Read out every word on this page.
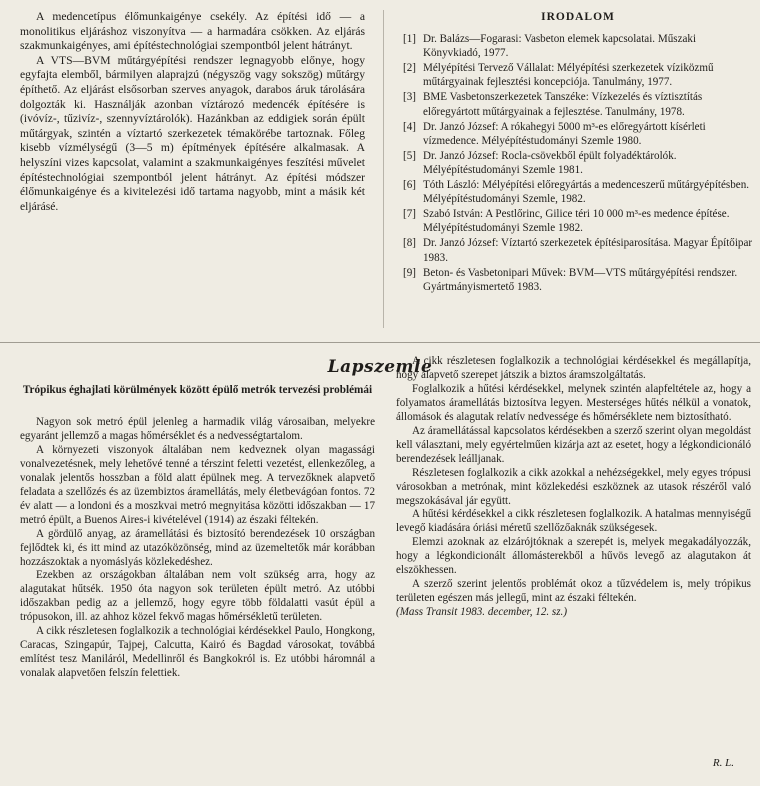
A medencetípus élőmunkaigénye csekély. Az építési idő — a monolitikus eljáráshoz viszonyítva — a harmadára csökken. Az eljárás szakmunkaigényes, ami építéstechnológiai szempontból jelent hátrányt.

A VTS—BVM műtárgyépítési rendszer legnagyobb előnye, hogy egyfajta elemből, bármilyen alaprajzú (négyszög vagy sokszög) műtárgy építhető. Az eljárást elsősorban szerves anyagok, darabos áruk tárolására dolgozták ki. Használják azonban víztározó medencék építésére is (ivóvíz-, tűzivíz-, szennyvíztárolók). Hazánkban az eddigiek során épült műtárgyak, szintén a víztartó szerkezetek témakörébe tartoznak. Főleg kisebb vízmélységű (3—5 m) építmények építésére alkalmasak. A helyszíni vizes kapcsolat, valamint a szakmunkaigényes feszítési művelet építéstechnológiai szempontból jelent hátrányt. Az építési módszer élőmunkaigénye és a kivitelezési idő tartama nagyobb, mint a másik két eljárásé.

IRODALOM
[1] Dr. Balázs—Fogarasi: Vasbeton elemek kapcsolatai. Műszaki Könyvkiadó, 1977.
[2] Mélyépítési Tervező Vállalat: Mélyépítési szerkezetek víziközmű műtárgyainak fejlesztési koncepciója. Tanulmány, 1977.
[3] BME Vasbetonszerkezetek Tanszéke: Vízkezelés és víztisztítás előregyártott műtárgyainak a fejlesztése. Tanulmány, 1978.
[4] Dr. Janzó József: A rókahegyi 5000 m³-es előregyártott kísérleti vízmedence. Mélyépítéstudományi Szemle 1980.
[5] Dr. Janzó József: Rocla-csövekből épült folyadéktárolók. Mélyépítéstudományi Szemle 1981.
[6] Tóth László: Mélyépítési előregyártás a medenceszerű műtárgyépítésben. Mélyépítéstudományi Szemle, 1982.
[7] Szabó István: A Pestlőrinc, Gilice téri 10 000 m³-es medence építése. Mélyépítéstudományi Szemle 1982.
[8] Dr. Janzó József: Víztartó szerkezetek építésiparosítása. Magyar Építőipar 1983.
[9] Beton- és Vasbetonipari Művek: BVM—VTS műtárgyépítési rendszer. Gyártmányismertető 1983.
Lapszemle
Trópikus éghajlati körülmények között épülő metrók tervezési problémái

Nagyon sok metró épül jelenleg a harmadik világ városaiban, melyekre egyaránt jellemző a magas hőmérséklet és a nedvességtartalom.

A környezeti viszonyok általában nem kedveznek olyan magassági vonalvezetésnek, mely lehetővé tenné a térszint feletti vezetést, ellenkezőleg, a vonalak jelentős hosszban a föld alatt épülnek meg. A tervezőknek alapvető feladata a szellőzés és az üzembiztos áramellátás, mely életbevágóan fontos. 72 év alatt — a londoni és a moszkvai metró megnyitása közötti időszakban — 17 metró épült, a Buenos Aires-i kivételével (1914) az északi féltekén.

A gördülő anyag, az áramellátási és biztosító berendezések 10 országban fejlődtek ki, és itt mind az utazóközönség, mind az üzemeltetők már korábban hozzászoktak a nyomáslyás közlekedéshez.

Ezekben az országokban általában nem volt szükség arra, hogy az alagutakat hűtsék. 1950 óta nagyon sok területen épült metró. Az utóbbi időszakban pedig az a jellemző, hogy egyre több földalatti vasút épül a trópusokon, ill. az ahhoz közel fekvő magas hőmérsékletű területen.

A cikk részletesen foglalkozik a technológiai kérdésekkel Paulo, Hongkong, Caracas, Szingapúr, Tajpej, Calcutta, Kairó és Bagdad városokat, továbbá említést tesz Maniláról, Medellinről és Bangkokról is. Ez utóbbi háromnál a vonalak alapvetően felszín felettiek.

A cikk részletesen foglalkozik a technológiai kérdésekkel és megállapítja, hogy alapvető szerepet játszik a biztos áramszolgáltatás.

Foglalkozik a hűtési kérdésekkel, melynek szintén alapfeltétele az, hogy a folyamatos áramellátás biztosítva legyen. Mesterséges hűtés nélkül a vonatok, állomások és alagutak relatív nedvessége és hőmérséklete nem biztosítható.

Az áramellátással kapcsolatos kérdésekben a szerző szerint olyan megoldást kell választani, mely egyértelműen kizárja azt az esetet, hogy a légkondicionáló berendezések leálljanak.

Részletesen foglalkozik a cikk azokkal a nehézségekkel, mely egyes trópusi városokban a metrónak, mint közlekedési eszköznek az utasok részéről való megszokásával jár együtt.

A hűtési kérdésekkel a cikk részletesen foglalkozik. A hatalmas mennyiségű levegő kiadására óriási méretű szellőzőaknák szükségesek.

Elemzi azoknak az elzárójtóknak a szerepét is, melyek megakadályozzák, hogy a légkondicionált állomásterekből a hűvös levegő az alagutakon át elszökhessen.

A szerző szerint jelentős problémát okoz a tűzvédelem is, mely trópikus területen egészen más jellegű, mint az északi féltekén.

(Mass Transit 1983. december, 12. sz.)

R. L.
